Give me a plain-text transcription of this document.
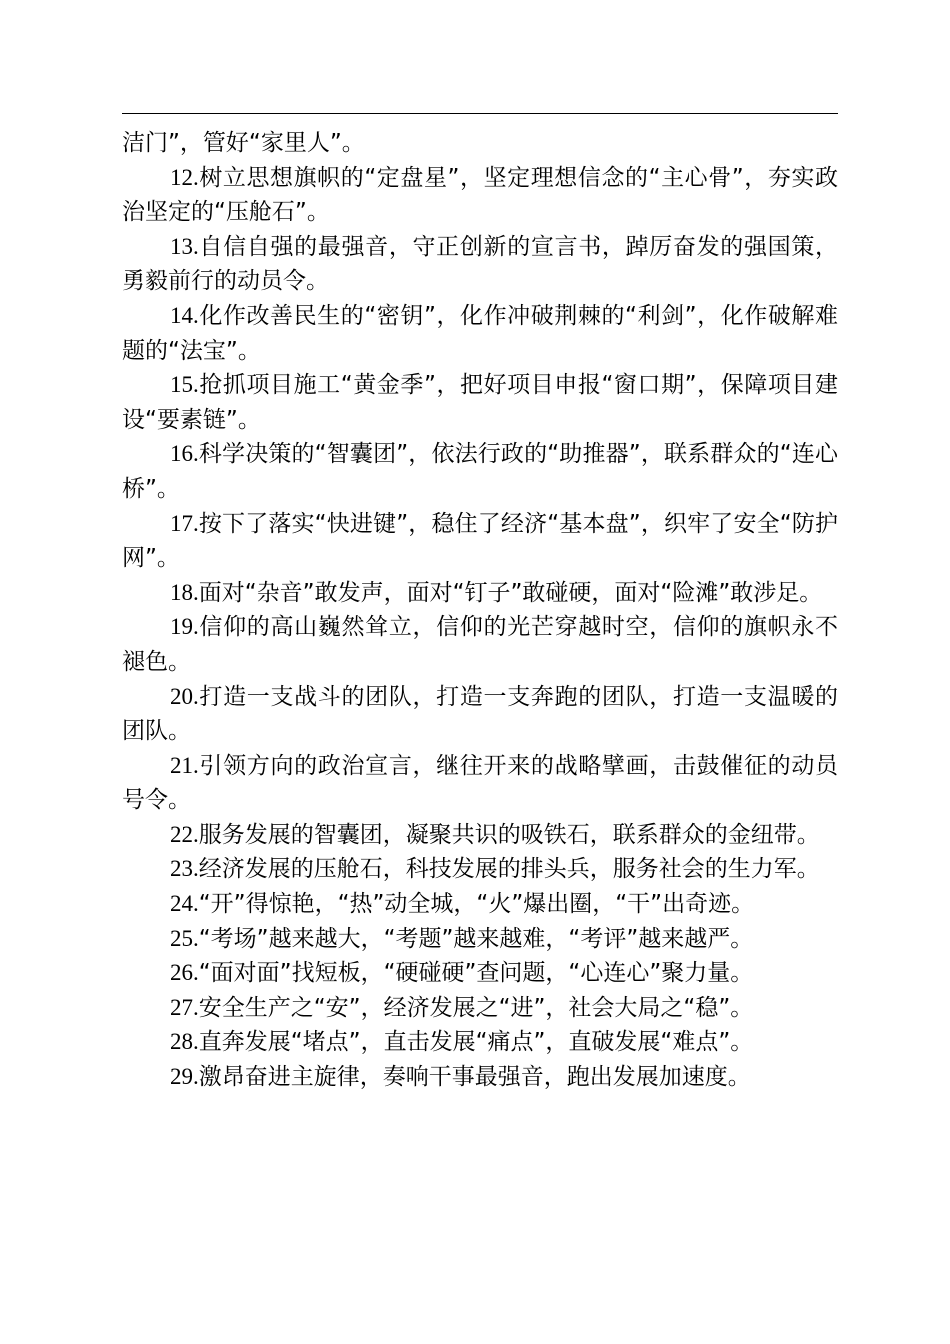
洁门”，管好“家里人”。

12.树立思想旗帜的“定盘星”，坚定理想信念的“主心骨”，夯实政治坚定的“压舱石”。

13.自信自强的最强音，守正创新的宣言书，踔厉奋发的强国策，勇毅前行的动员令。

14.化作改善民生的“密钥”，化作冲破荆棘的“利剑”，化作破解难题的“法宝”。

15.抢抓项目施工“黄金季”，把好项目申报“窗口期”，保障项目建设“要素链”。

16.科学决策的“智囊团”，依法行政的“助推器”，联系群众的“连心桥”。

17.按下了落实“快进键”，稳住了经济“基本盘”，织牢了安全“防护网”。

18.面对“杂音”敢发声，面对“钉子”敢碰硬，面对“险滩”敢涉足。

19.信仰的高山巍然耸立，信仰的光芒穿越时空，信仰的旗帜永不褪色。

20.打造一支战斗的团队，打造一支奔跑的团队，打造一支温暖的团队。

21.引领方向的政治宣言，继往开来的战略擘画，击鼓催征的动员号令。

22.服务发展的智囊团，凝聚共识的吸铁石，联系群众的金纽带。

23.经济发展的压舱石，科技发展的排头兵，服务社会的生力军。

24.“开”得惊艳，“热”动全城，“火”爆出圈，“干”出奇迹。

25.“考场”越来越大，“考题”越来越难，“考评”越来越严。

26.“面对面”找短板，“硬碰硬”查问题，“心连心”聚力量。

27.安全生产之“安”，经济发展之“进”，社会大局之“稳”。

28.直奔发展“堵点”，直击发展“痛点”，直破发展“难点”。

29.激昂奋进主旋律，奏响干事最强音，跑出发展加速度。
